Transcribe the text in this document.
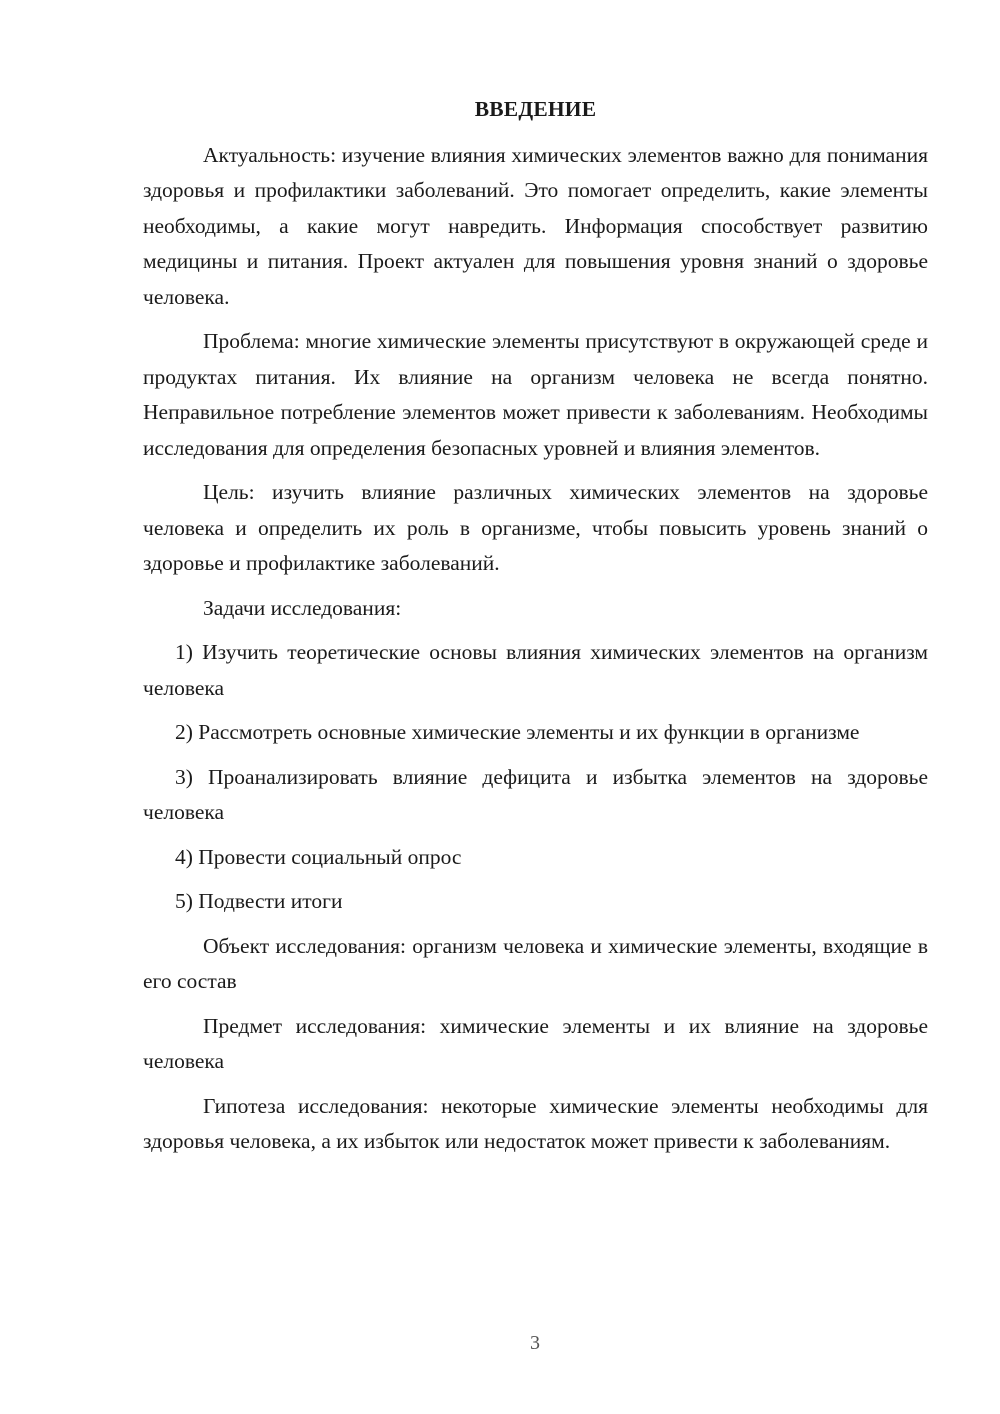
ВВЕДЕНИЕ

Актуальность: изучение влияния химических элементов важно для понимания здоровья и профилактики заболеваний. Это помогает определить, какие элементы необходимы, а какие могут навредить. Информация способствует развитию медицины и питания. Проект актуален для повышения уровня знаний о здоровье человека.

Проблема: многие химические элементы присутствуют в окружающей среде и продуктах питания. Их влияние на организм человека не всегда понятно. Неправильное потребление элементов может привести к заболеваниям. Необходимы исследования для определения безопасных уровней и влияния элементов.

Цель: изучить влияние различных химических элементов на здоровье человека и определить их роль в организме, чтобы повысить уровень знаний о здоровье и профилактике заболеваний.

Задачи исследования:

1) Изучить теоретические основы влияния химических элементов на организм человека

2) Рассмотреть основные химические элементы и их функции в организме

3) Проанализировать влияние дефицита и избытка элементов на здоровье человека

4) Провести социальный опрос

5) Подвести итоги

Объект исследования: организм человека и химические элементы, входящие в его состав

Предмет исследования: химические элементы и их влияние на здоровье человека

Гипотеза исследования: некоторые химические элементы необходимы для здоровья человека, а их избыток или недостаток может привести к заболеваниям.

3
